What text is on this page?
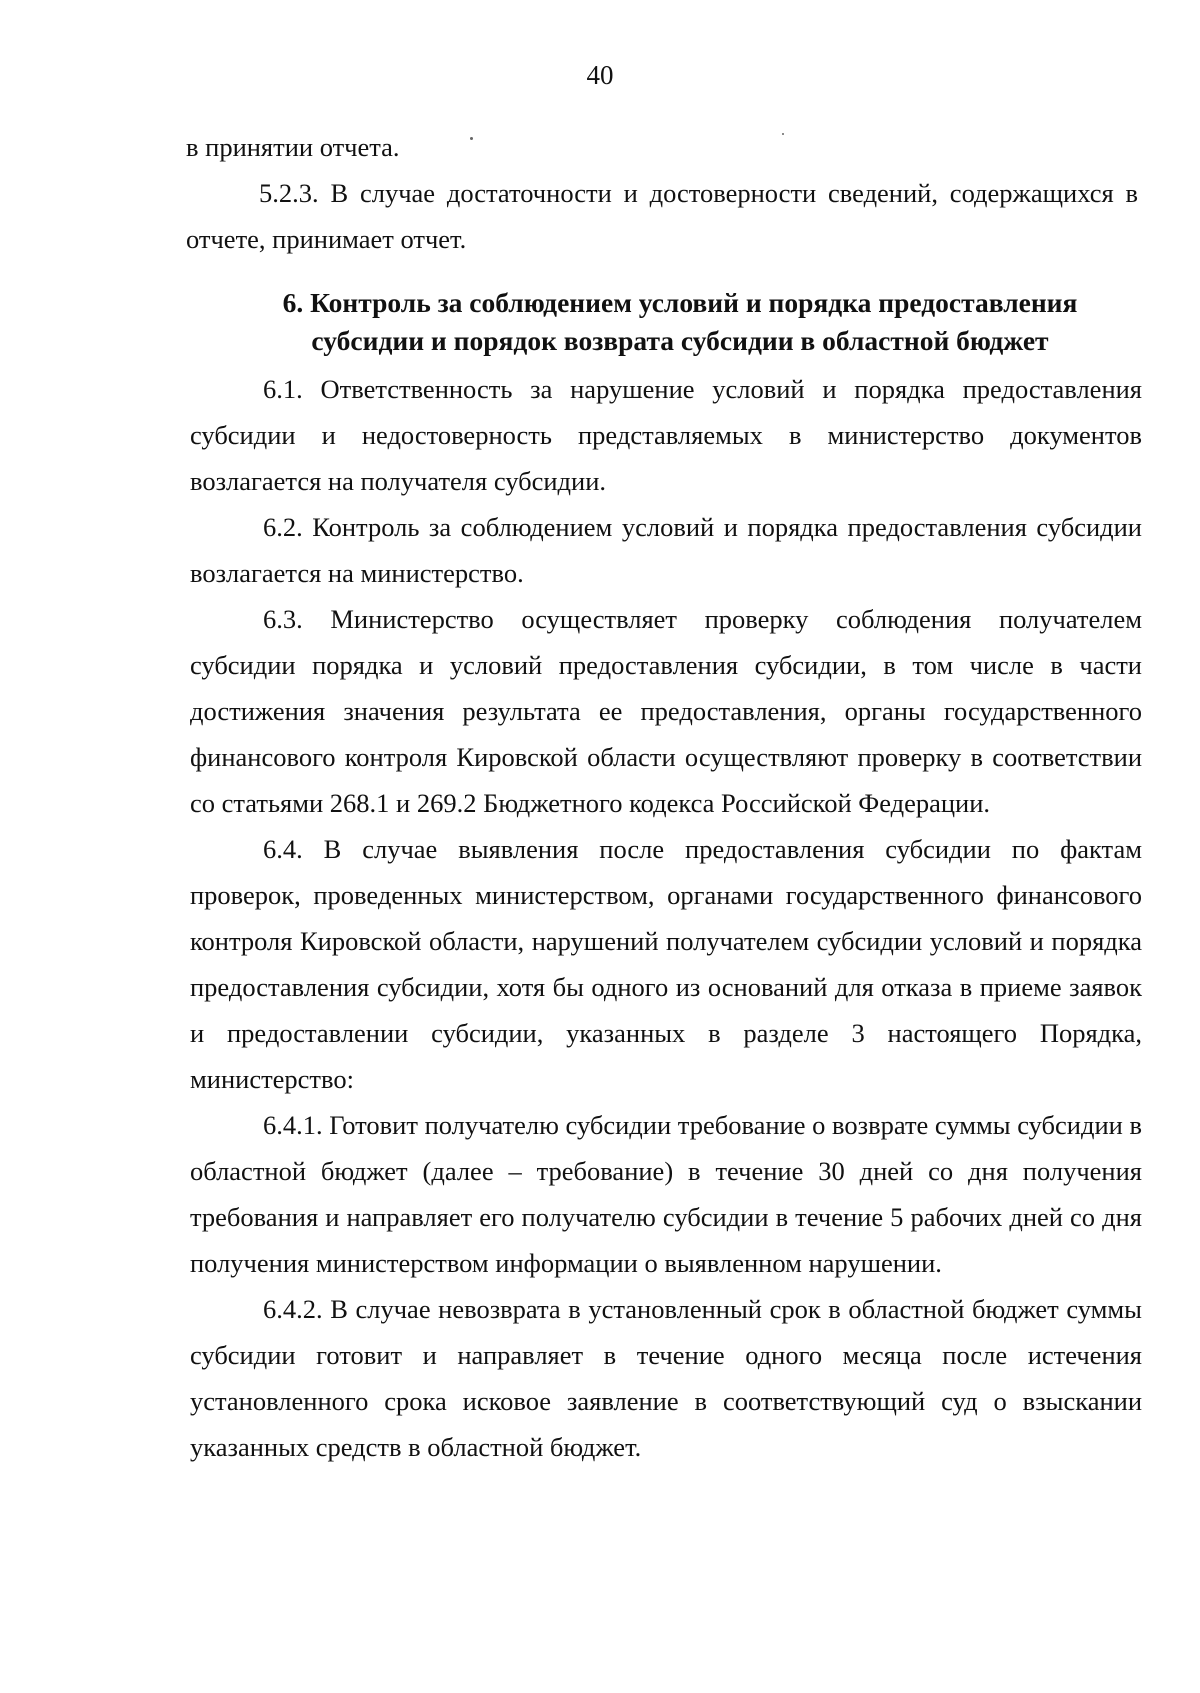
40

в принятии отчета.

5.2.3. В случае достаточности и достоверности сведений, содержащихся в отчете, принимает отчет.

6. Контроль за соблюдением условий и порядка предоставления
субсидии и порядок возврата субсидии в областной бюджет

6.1. Ответственность за нарушение условий и порядка предоставления субсидии и недостоверность представляемых в министерство документов возлагается на получателя субсидии.

6.2. Контроль за соблюдением условий и порядка предоставления субсидии возлагается на министерство.

6.3. Министерство осуществляет проверку соблюдения получателем субсидии порядка и условий предоставления субсидии, в том числе в части достижения значения результата ее предоставления, органы государственного финансового контроля Кировской области осуществляют проверку в соответствии со статьями 268.1 и 269.2 Бюджетного кодекса Российской Федерации.

6.4. В случае выявления после предоставления субсидии по фактам проверок, проведенных министерством, органами государственного финансового контроля Кировской области, нарушений получателем субсидии условий и порядка предоставления субсидии, хотя бы одного из оснований для отказа в приеме заявок и предоставлении субсидии, указанных в разделе 3 настоящего Порядка, министерство:

6.4.1. Готовит получателю субсидии требование о возврате суммы субсидии в областной бюджет (далее – требование) в течение 30 дней со дня получения требования и направляет его получателю субсидии в течение 5 рабочих дней со дня получения министерством информации о выявленном нарушении.

6.4.2. В случае невозврата в установленный срок в областной бюджет суммы субсидии готовит и направляет в течение одного месяца после истечения установленного срока исковое заявление в соответствующий суд о взыскании указанных средств в областной бюджет.
